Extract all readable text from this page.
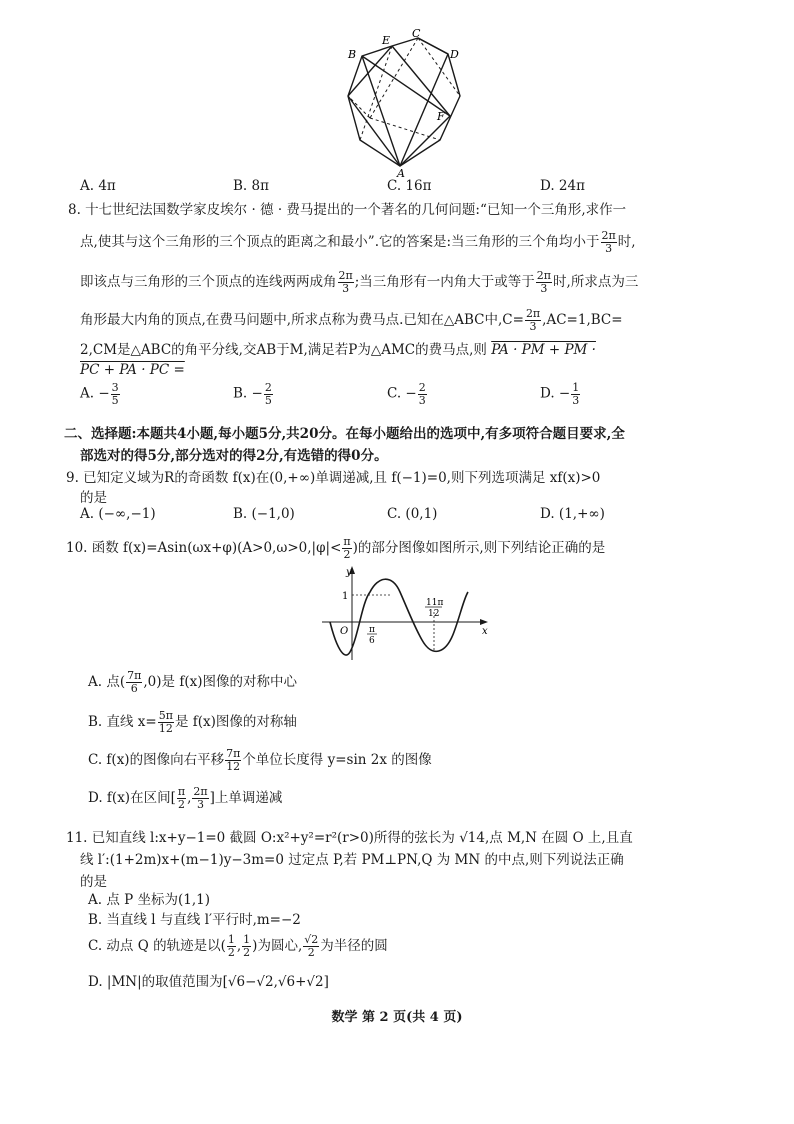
B
E
C
D
F
A
A. 4π	B. 8π	C. 16π	D. 24π
8. 十七世纪法国数学家皮埃尔 · 德 · 费马提出的一个著名的几何问题:“已知一个三角形,求作一
点,使其与这个三角形的三个顶点的距离之和最小”.它的答案是:当三角形的三个角均小于 $\frac{2\pi}{3}$ 时,
即该点与三角形的三个顶点的连线两两成角 $\frac{2\pi}{3}$ ;当三角形有一内角大于或等于 $\frac{2\pi}{3}$ 时,所求点为三
角形最大内角的顶点,在费马问题中,所求点称为费马点.已知在△ABC中$,C= \frac{2\pi}{3} ,AC=1,BC=$
2,CM是△ABC的角平分线,交AB于M,满足若P为△AMC的费马点,则 PA · PM + PM ·
PC + PA · PC =
A. − $\frac{3}{5}$	B. − $\frac{2}{5}$	C. − $\frac{2}{3}$	D. − $\frac{1}{3}$
二、选择题:本题共4小题,每小题5分,共20分。在每小题给出的选项中,有多项符合题目要求,全
部选对的得5分,部分选对的得2分,有选错的得0分。
9. 已知定义域为R的奇函数 f(x)在(0,+∞)单调递减,且 f(−1)=0,则下列选项满足 xf(x)>0
的是
A. (−∞,−1)	B. (−1,0)	C. (0,1)	D. (1,+∞)
10. 函数 $f(x)=Asin(\omega x+\varphi)(A>0,\omega>0,|\varphi|< \frac{\pi}{2}$ )的部分图像如图所示,则下列结论正确的是
y
x
O
1
π
6
11π
12
A. 点( $\frac{7\pi}{6} ,0$)是 f(x)图像的对称中心
B. 直线 $x= \frac{5\pi}{12}$ 是 f(x)图像的对称轴
C. f(x)的图像向右平移 $\frac{7\pi}{12}$ 个单位长度得 y=sin 2x 的图像
D. f(x)在区间[ $\frac{\pi}{2}$ , $\frac{2\pi}{3}$ ]上单调递减
11. 已知直线 l:x+y−1=0 截圆 O:x²+y²=r²(r>0)所得的弦长为 √14,点 M,N 在圆 O 上,且直
线 l′:(1+2m)x+(m−1)y−3m=0 过定点 P,若 PM⊥PN,Q 为 MN 的中点,则下列说法正确
的是
A. 点 P 坐标为(1,1)
B. 当直线 l 与直线 l′平行时,m=−2
C. 动点 Q 的轨迹是以( $\frac{1}{2}$ , $\frac{1}{2}$ )为圆心, $\frac{√2}{2}$ 为半径的圆
D. |MN|的取值范围为[√6−√2,√6+√2]
数学 第 2 页(共 4 页)
